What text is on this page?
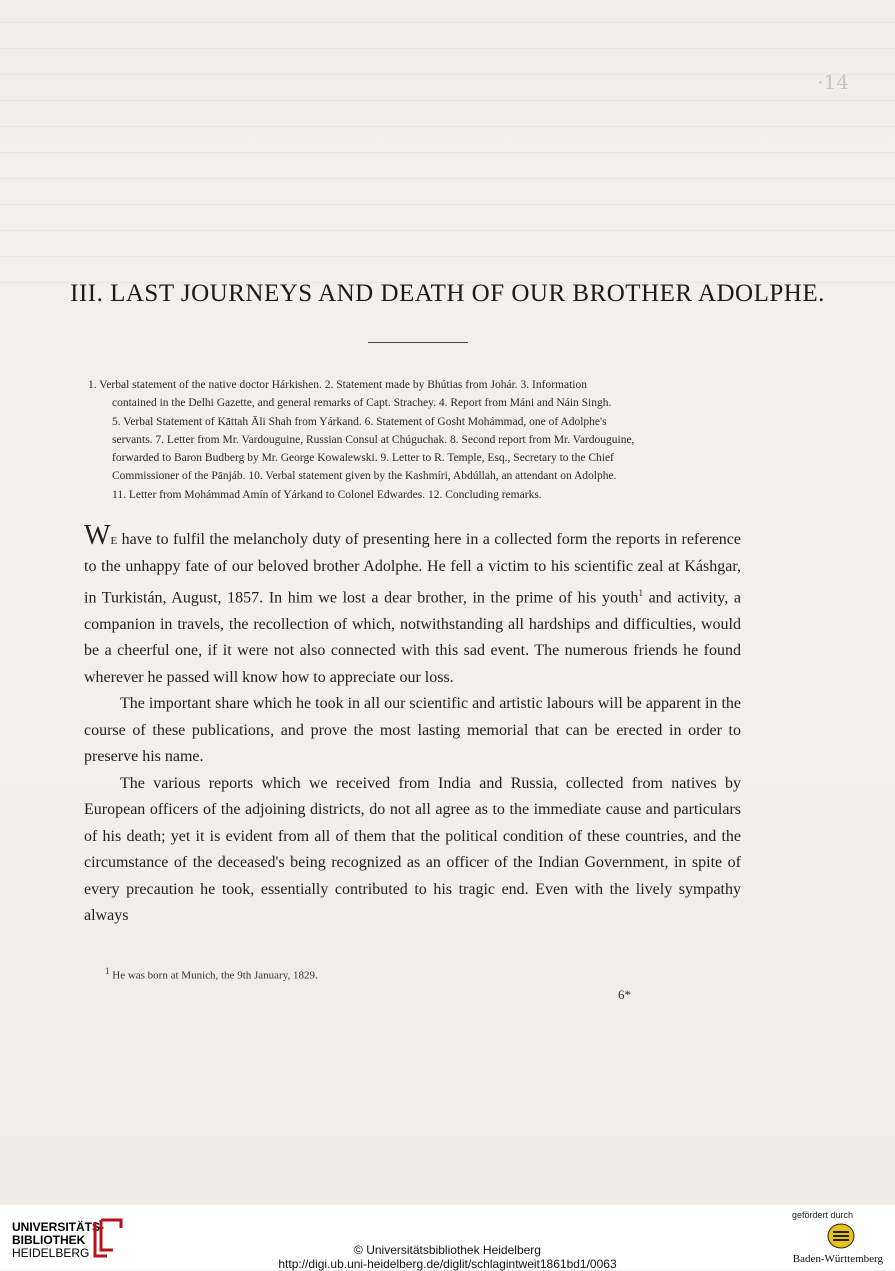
·14
III. LAST JOURNEYS AND DEATH OF OUR BROTHER ADOLPHE.

1. Verbal statement of the native doctor Hárkishen. 2. Statement made by Bhútias from Johár. 3. Information

contained in the Delhi Gazette, and general remarks of Capt. Strachey. 4. Report from Máni and Náin Singh.

5. Verbal Statement of Kāttah Āli Shah from Yárkand. 6. Statement of Gosht Mohámmad, one of Adolphe's

servants. 7. Letter from Mr. Vardouguine, Russian Consul at Chúguchak. 8. Second report from Mr. Vardouguine,

forwarded to Baron Budberg by Mr. George Kowalewski. 9. Letter to R. Temple, Esq., Secretary to the Chief

Commissioner of the Pānjáb. 10. Verbal statement given by the Kashmíri, Abdúllah, an attendant on Adolphe.

11. Letter from Mohámmad Amín of Yárkand to Colonel Edwardes. 12. Concluding remarks.

We have to fulfil the melancholy duty of presenting here in a collected form the reports in reference to the unhappy fate of our beloved brother Adolphe. He fell a victim to his scientific zeal at Káshgar, in Turkistán, August, 1857. In him we lost a dear brother, in the prime of his youth$^1$ and activity, a companion in travels, the recollection of which, notwithstanding all hardships and difficulties, would be a cheerful one, if it were not also connected with this sad event. The numerous friends he found wherever he passed will know how to appreciate our loss.

The important share which he took in all our scientific and artistic labours will be apparent in the course of these publications, and prove the most lasting memorial that can be erected in order to preserve his name.

The various reports which we received from India and Russia, collected from natives by European officers of the adjoining districts, do not all agree as to the immediate cause and particulars of his death; yet it is evident from all of them that the political condition of these countries, and the circumstance of the deceased's being recognized as an officer of the Indian Government, in spite of every precaution he took, essentially contributed to his tragic end. Even with the lively sympathy always

$^1$ He was born at Munich, the 9th January, 1829.
6*
UNIVERSITÄTS-
BIBLIOTHEK
HEIDELBERG	© Universitätsbibliothek Heidelberg
http://digi.ub.uni-heidelberg.de/diglit/schlagintweit1861bd1/0063
gefördert durch
Baden-Württemberg
